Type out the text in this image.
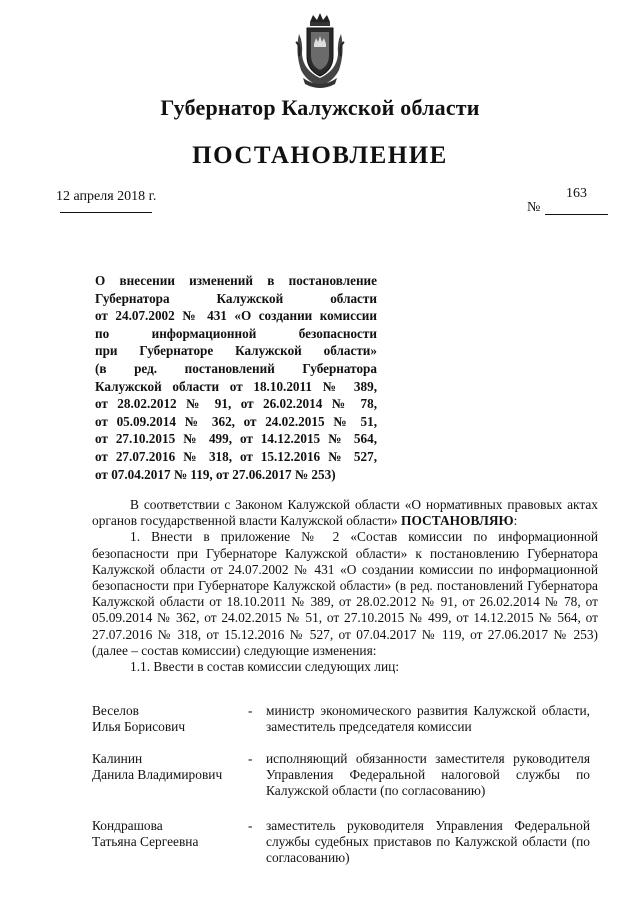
Губернатор Калужской области
ПОСТАНОВЛЕНИЕ
12 апреля 2018 г.	163
№
О внесении изменений в постановление
Губернатора Калужской области
от 24.07.2002 № 431 «О создании комиссии
по информационной безопасности
при Губернаторе Калужской области»
(в ред. постановлений Губернатора
Калужской области от 18.10.2011 № 389,
от 28.02.2012 № 91, от 26.02.2014 № 78,
от 05.09.2014 № 362, от 24.02.2015 № 51,
от 27.10.2015 № 499, от 14.12.2015 № 564,
от 27.07.2016 № 318, от 15.12.2016 № 527,
от 07.04.2017 № 119, от 27.06.2017 № 253)

В соответствии с Законом Калужской области «О нормативных правовых актах органов государственной власти Калужской области» ПОСТАНОВЛЯЮ:

1. Внести в приложение № 2 «Состав комиссии по информационной безопасности при Губернаторе Калужской области» к постановлению Губернатора Калужской области от 24.07.2002 № 431 «О создании комиссии по информационной безопасности при Губернаторе Калужской области» (в ред. постановлений Губернатора Калужской области от 18.10.2011 № 389, от 28.02.2012 № 91, от 26.02.2014 № 78, от 05.09.2014 № 362, от 24.02.2015 № 51, от 27.10.2015 № 499, от 14.12.2015 № 564, от 27.07.2016 № 318, от 15.12.2016 № 527, от 07.04.2017 № 119, от 27.06.2017 № 253) (далее – состав комиссии) следующие изменения:

1.1. Ввести в состав комиссии следующих лиц:

Веселов
Илья Борисович
- министр экономического развития Калужской области, заместитель председателя комиссии
Калинин
Данила Владимирович
- исполняющий обязанности заместителя руководителя Управления Федеральной налоговой службы по Калужской области (по согласованию)
Кондрашова
Татьяна Сергеевна
- заместитель руководителя Управления Федеральной службы судебных приставов по Калужской области (по согласованию)
